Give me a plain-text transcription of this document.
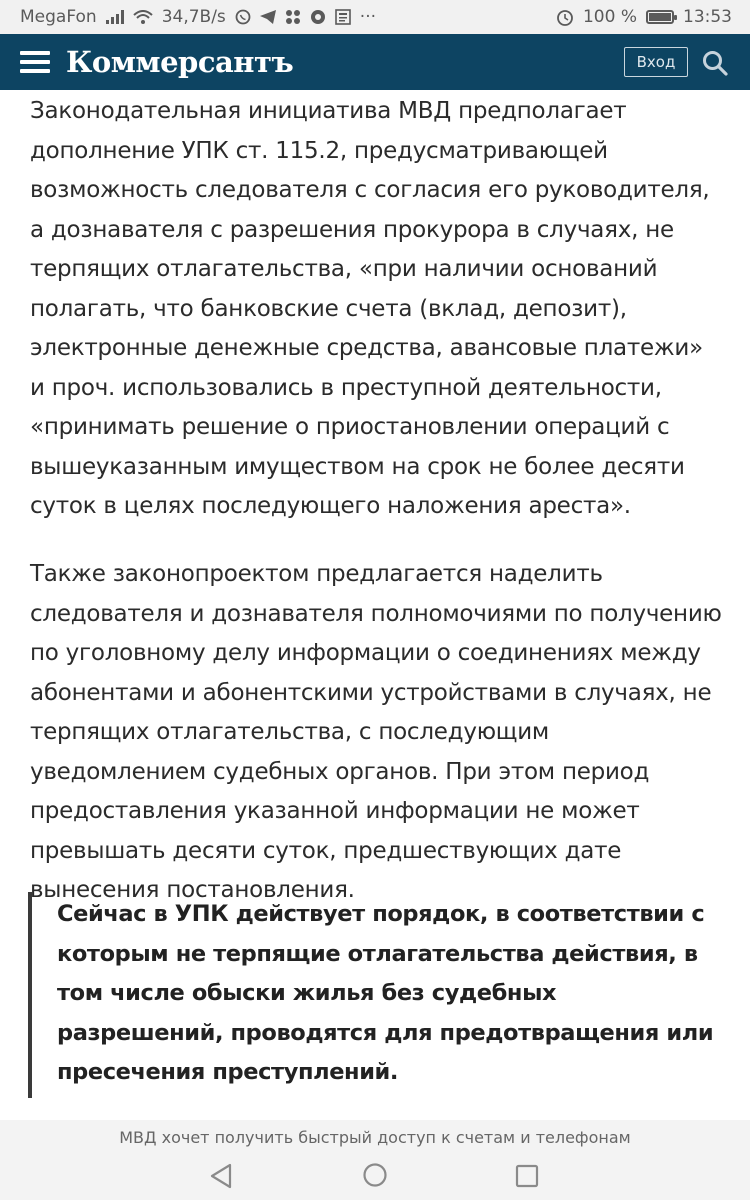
MegaFon	34,7B/s	···	100 %	13:53
Коммерсантъ	Вход

Законодательная инициатива МВД предполагает дополнение УПК ст. 115.2, предусматривающей возможность следователя с согласия его руководителя, а дознавателя с разрешения прокурора в случаях, не терпящих отлагательства, «при наличии оснований полагать, что банковские счета (вклад, депозит), электронные денежные средства, авансовые платежи» и проч. использовались в преступной деятельности, «принимать решение о приостановлении операций с вышеуказанным имуществом на срок не более десяти суток в целях последующего наложения ареста».

Также законопроектом предлагается наделить следователя и дознавателя полномочиями по получению по уголовному делу информации о соединениях между абонентами и абонентскими устройствами в случаях, не терпящих отлагательства, с последующим уведомлением судебных органов. При этом период предоставления указанной информации не может превышать десяти суток, предшествующих дате вынесения постановления.

Сейчас в УПК действует порядок, в соответствии с которым не терпящие отлагательства действия, в том числе обыски жилья без судебных разрешений, проводятся для предотвращения или пресечения преступлений.

МВД хочет получить быстрый доступ к счетам и телефонам
